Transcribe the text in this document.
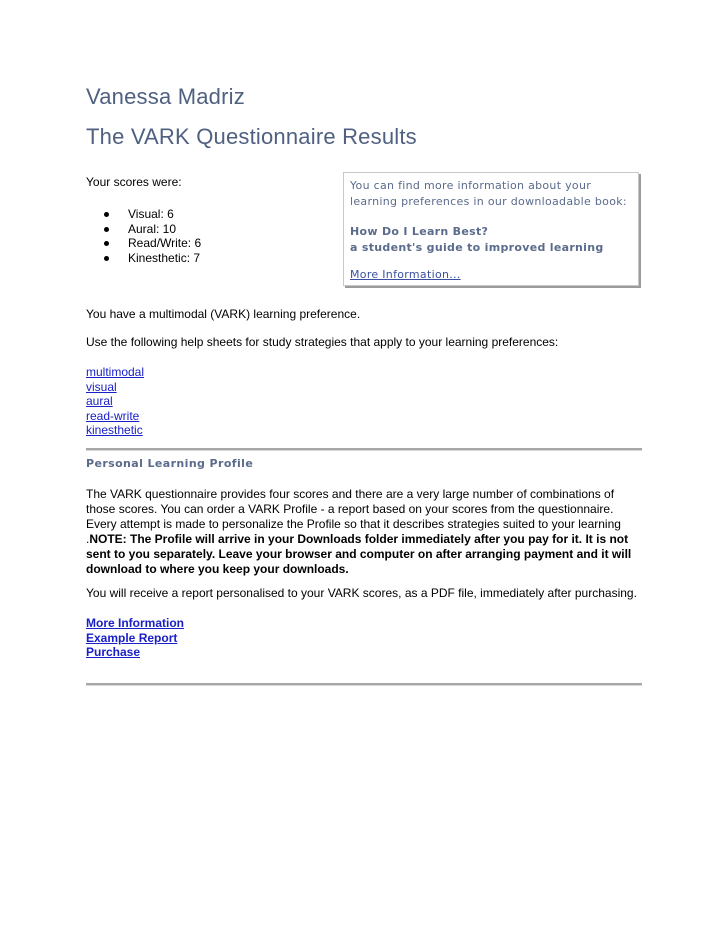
Vanessa Madriz
The VARK Questionnaire Results
Your scores were:
Visual: 6
Aural: 10
Read/Write: 6
Kinesthetic: 7
You can find more information about your learning preferences in our downloadable book:
How Do I Learn Best?
a student's guide to improved learning
More Information...
You have a multimodal (VARK) learning preference.
Use the following help sheets for study strategies that apply to your learning preferences:
multimodal
visual
aural
read-write
kinesthetic
Personal Learning Profile
The VARK questionnaire provides four scores and there are a very large number of combinations of those scores. You can order a VARK Profile - a report based on your scores from the questionnaire. Every attempt is made to personalize the Profile so that it describes strategies suited to your learning .NOTE: The Profile will arrive in your Downloads folder immediately after you pay for it. It is not sent to you separately. Leave your browser and computer on after arranging payment and it will download to where you keep your downloads.
You will receive a report personalised to your VARK scores, as a PDF file, immediately after purchasing.
More Information
Example Report
Purchase
